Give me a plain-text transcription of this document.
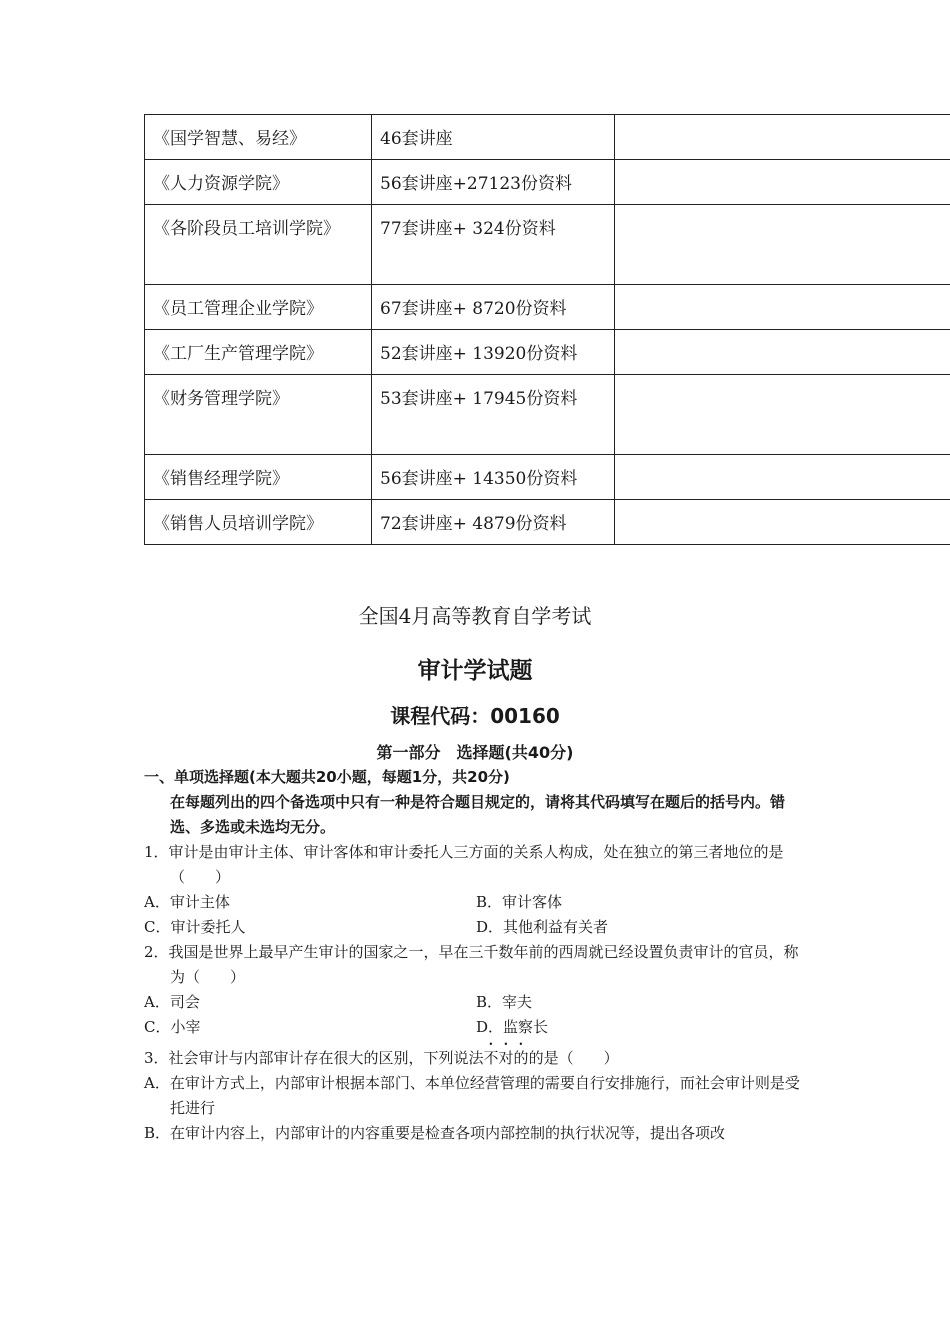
《国学智慧、易经》	46套讲座	
《人力资源学院》	56套讲座+27123份资料	
《各阶段员工培训学院》	77套讲座+ 324份资料	
《员工管理企业学院》	67套讲座+ 8720份资料	
《工厂生产管理学院》	52套讲座+ 13920份资料	
《财务管理学院》	53套讲座+ 17945份资料	
《销售经理学院》	56套讲座+ 14350份资料	
《销售人员培训学院》	72套讲座+ 4879份资料	
全国4月高等教育自学考试
审计学试题
课程代码：00160
第一部分　选择题(共40分)
一、单项选择题(本大题共20小题，每题1分，共20分)
在每题列出的四个备选项中只有一种是符合题目规定的，请将其代码填写在题后的括号内。错选、多选或未选均无分。
1．审计是由审计主体、审计客体和审计委托人三方面的关系人构成，处在独立的第三者地位的是（　　）
A．审计主体	B．审计客体
C．审计委托人	D．其他利益有关者
2．我国是世界上最早产生审计的国家之一，早在三千数年前的西周就已经设置负责审计的官员，称为（　　）
A．司会	B．宰夫
C．小宰	D．监察长
3．社会审计与内部审计存在很大的区别，下列说法不对的的是（　　）
A．在审计方式上，内部审计根据本部门、本单位经营管理的需要自行安排施行，而社会审计则是受托进行
B．在审计内容上，内部审计的内容重要是检查各项内部控制的执行状况等，提出各项改
